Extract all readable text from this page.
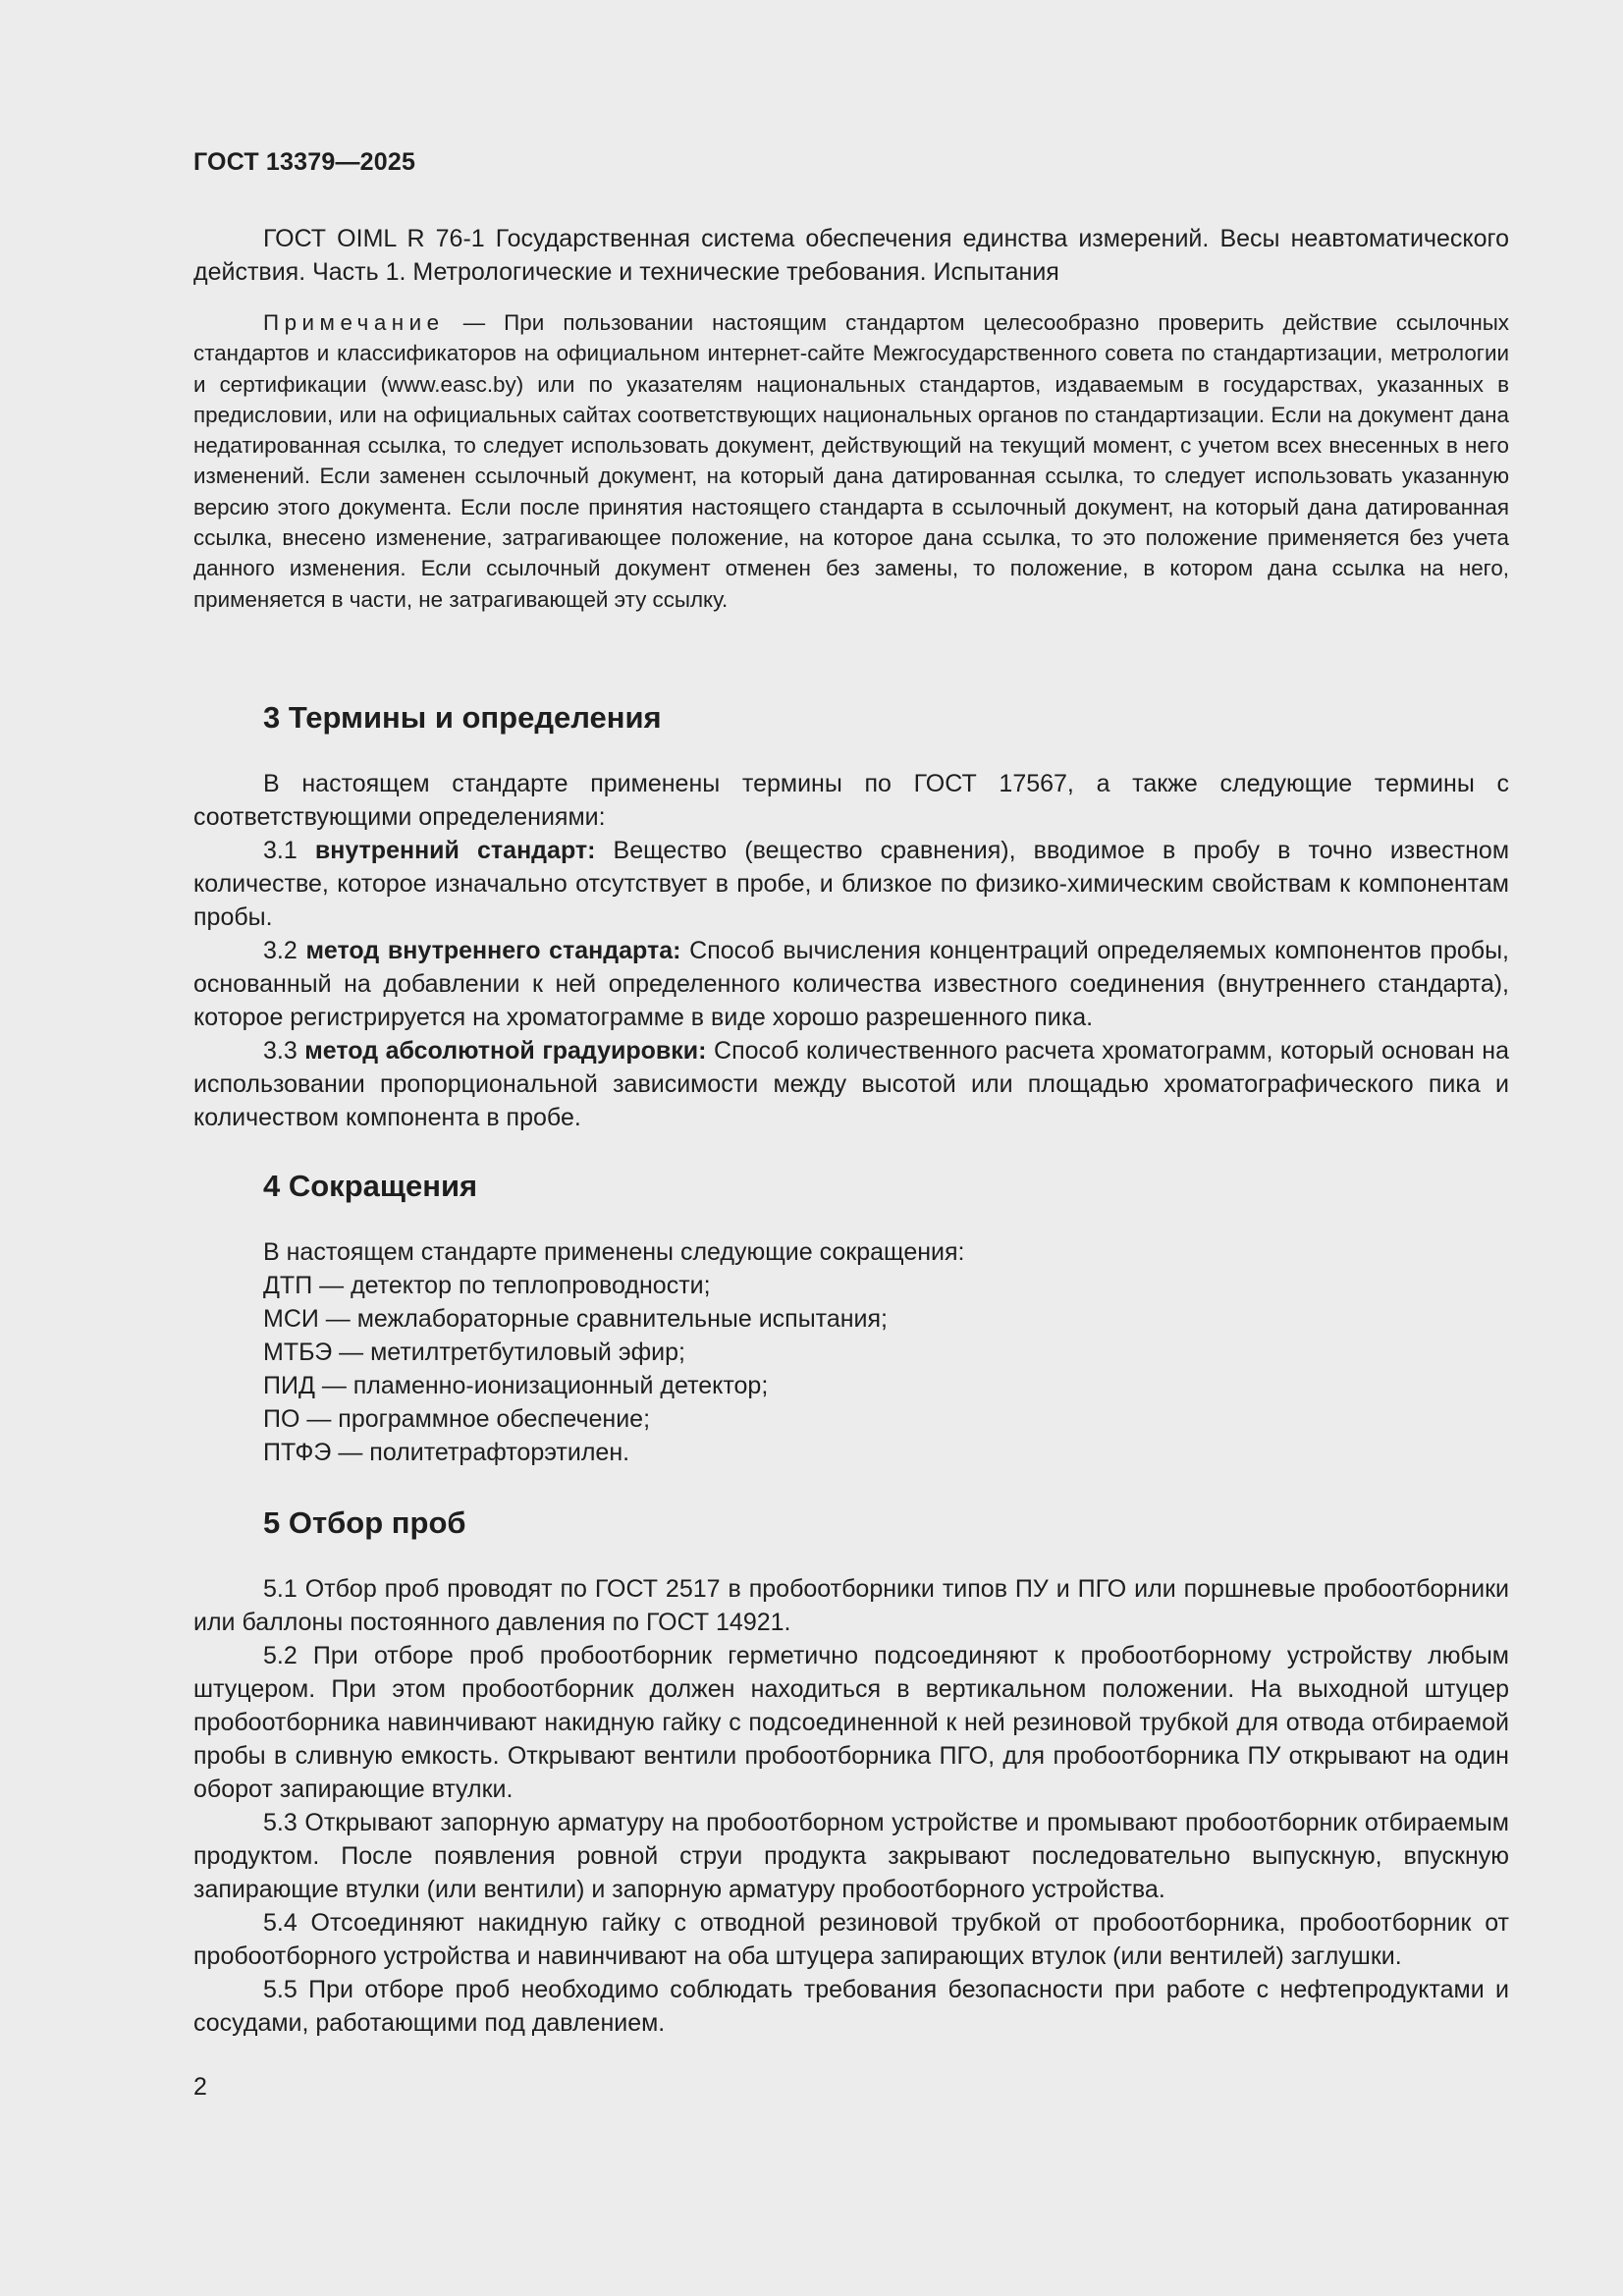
ГОСТ 13379—2025

ГОСТ OIML R 76-1 Государственная система обеспечения единства измерений. Весы неавтоматического действия. Часть 1. Метрологические и технические требования. Испытания

Примечание — При пользовании настоящим стандартом целесообразно проверить действие ссылочных стандартов и классификаторов на официальном интернет-сайте Межгосударственного совета по стандартизации, метрологии и сертификации (www.easc.by) или по указателям национальных стандартов, издаваемым в государствах, указанных в предисловии, или на официальных сайтах соответствующих национальных органов по стандартизации. Если на документ дана недатированная ссылка, то следует использовать документ, действующий на текущий момент, с учетом всех внесенных в него изменений. Если заменен ссылочный документ, на который дана датированная ссылка, то следует использовать указанную версию этого документа. Если после принятия настоящего стандарта в ссылочный документ, на который дана датированная ссылка, внесено изменение, затрагивающее положение, на которое дана ссылка, то это положение применяется без учета данного изменения. Если ссылочный документ отменен без замены, то положение, в котором дана ссылка на него, применяется в части, не затрагивающей эту ссылку.

3 Термины и определения

В настоящем стандарте применены термины по ГОСТ 17567, а также следующие термины с соответствующими определениями:

3.1 внутренний стандарт: Вещество (вещество сравнения), вводимое в пробу в точно известном количестве, которое изначально отсутствует в пробе, и близкое по физико-химическим свойствам к компонентам пробы.

3.2 метод внутреннего стандарта: Способ вычисления концентраций определяемых компонентов пробы, основанный на добавлении к ней определенного количества известного соединения (внутреннего стандарта), которое регистрируется на хроматограмме в виде хорошо разрешенного пика.

3.3 метод абсолютной градуировки: Способ количественного расчета хроматограмм, который основан на использовании пропорциональной зависимости между высотой или площадью хроматографического пика и количеством компонента в пробе.

4 Сокращения

В настоящем стандарте применены следующие сокращения:

ДТП — детектор по теплопроводности;

МСИ — межлабораторные сравнительные испытания;

МТБЭ — метилтретбутиловый эфир;

ПИД — пламенно-ионизационный детектор;

ПО — программное обеспечение;

ПТФЭ — политетрафторэтилен.

5 Отбор проб

5.1 Отбор проб проводят по ГОСТ 2517 в пробоотборники типов ПУ и ПГО или поршневые пробоотборники или баллоны постоянного давления по ГОСТ 14921.

5.2 При отборе проб пробоотборник герметично подсоединяют к пробоотборному устройству любым штуцером. При этом пробоотборник должен находиться в вертикальном положении. На выходной штуцер пробоотборника навинчивают накидную гайку с подсоединенной к ней резиновой трубкой для отвода отбираемой пробы в сливную емкость. Открывают вентили пробоотборника ПГО, для пробоотборника ПУ открывают на один оборот запирающие втулки.

5.3 Открывают запорную арматуру на пробоотборном устройстве и промывают пробоотборник отбираемым продуктом. После появления ровной струи продукта закрывают последовательно выпускную, впускную запирающие втулки (или вентили) и запорную арматуру пробоотборного устройства.

5.4 Отсоединяют накидную гайку с отводной резиновой трубкой от пробоотборника, пробоотборник от пробоотборного устройства и навинчивают на оба штуцера запирающих втулок (или вентилей) заглушки.

5.5 При отборе проб необходимо соблюдать требования безопасности при работе с нефтепродуктами и сосудами, работающими под давлением.

2
